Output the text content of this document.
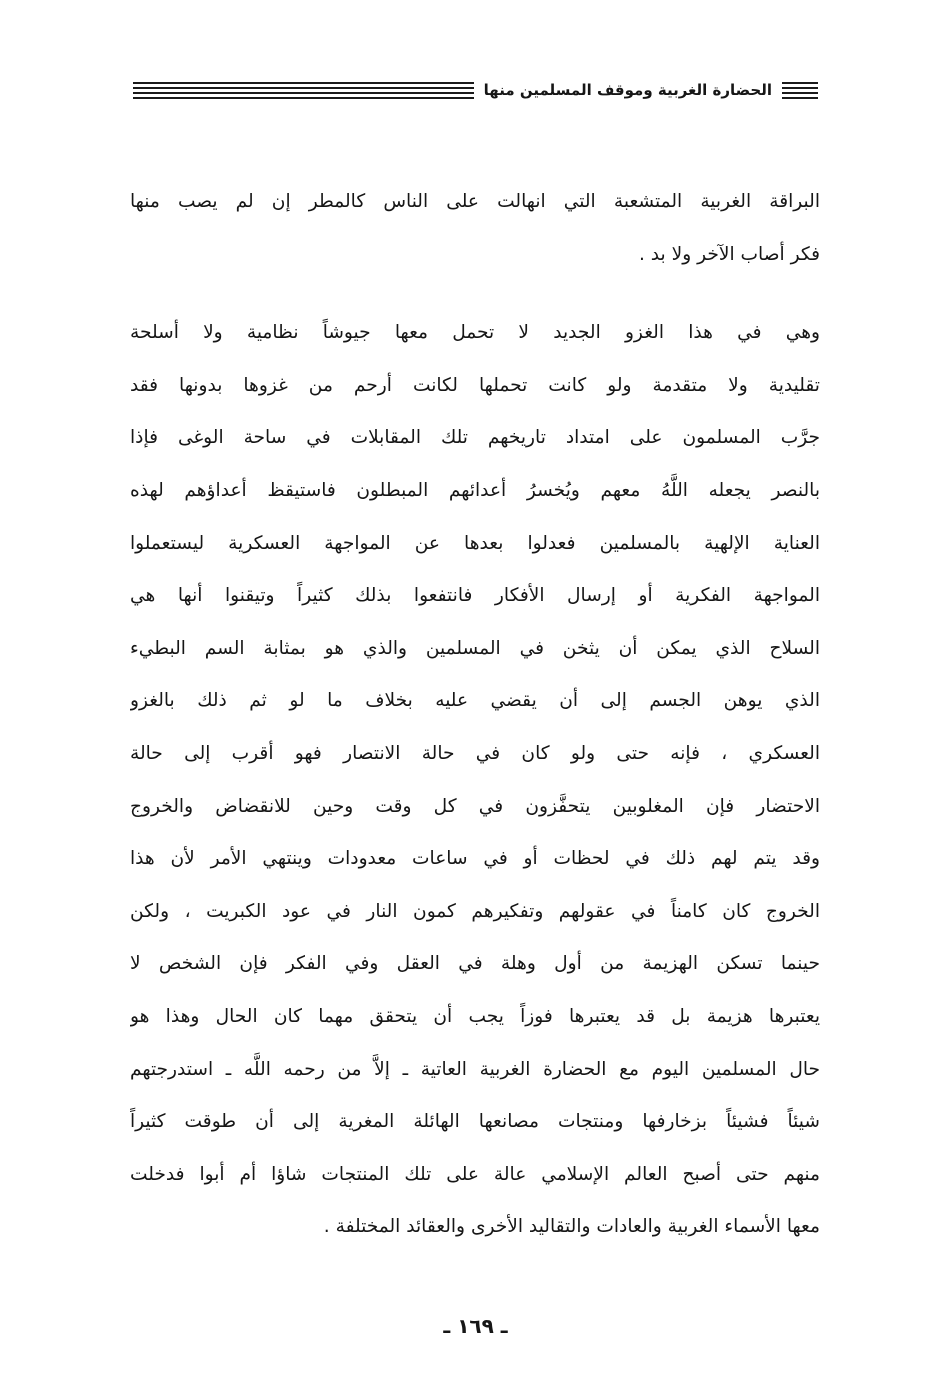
الحضارة الغربية وموقف المسلمين منها
البراقة الغربية المتشعبة التي انهالت على الناس كالمطر إن لم يصب منها
فكر أصاب الآخر ولا بد .
وهي في هذا الغزو الجديد لا تحمل معها جيوشاً نظامية ولا أسلحة
تقليدية ولا متقدمة ولو كانت تحملها لكانت أرحم من غزوها بدونها فقد
جرَّب المسلمون على امتداد تاريخهم تلك المقابلات في ساحة الوغى فإذا
بالنصر يجعله اللَّهُ معهم ويُخسرُ أعدائهم المبطلون فاستيقظ أعداؤهم لهذه
العناية الإلهية بالمسلمين فعدلوا بعدها عن المواجهة العسكرية ليستعملوا
المواجهة الفكرية أو إرسال الأفكار فانتفعوا بذلك كثيراً وتيقنوا أنها هي
السلاح الذي يمكن أن يثخن في المسلمين والذي هو بمثابة السم البطيء
الذي يوهن الجسم إلى أن يقضي عليه بخلاف ما لو ثم ذلك بالغزو
العسكري ، فإنه حتى ولو كان في حالة الانتصار فهو أقرب إلى حالة
الاحتضار فإن المغلوبين يتحفَّزون في كل وقت وحين للانقضاض والخروج
وقد يتم لهم ذلك في لحظات أو في ساعات معدودات وينتهي الأمر لأن هذا
الخروج كان كامناً في عقولهم وتفكيرهم كمون النار في عود الكبريت ، ولكن
حينما تسكن الهزيمة من أول وهلة في العقل وفي الفكر فإن الشخص لا
يعتبرها هزيمة بل قد يعتبرها فوزاً يجب أن يتحقق مهما كان الحال وهذا هو
حال المسلمين اليوم مع الحضارة الغربية العاتية ـ إلاَّ من رحمه اللَّه ـ استدرجتهم
شيئاً فشيئاً بزخارفها ومنتجات مصانعها الهائلة المغرية إلى أن طوقت كثيراً
منهم حتى أصبح العالم الإسلامي عالة على تلك المنتجات شاؤا أم أبوا فدخلت
معها الأسماء الغربية والعادات والتقاليد الأخرى والعقائد المختلفة .
ـ ١٦٩ ـ
